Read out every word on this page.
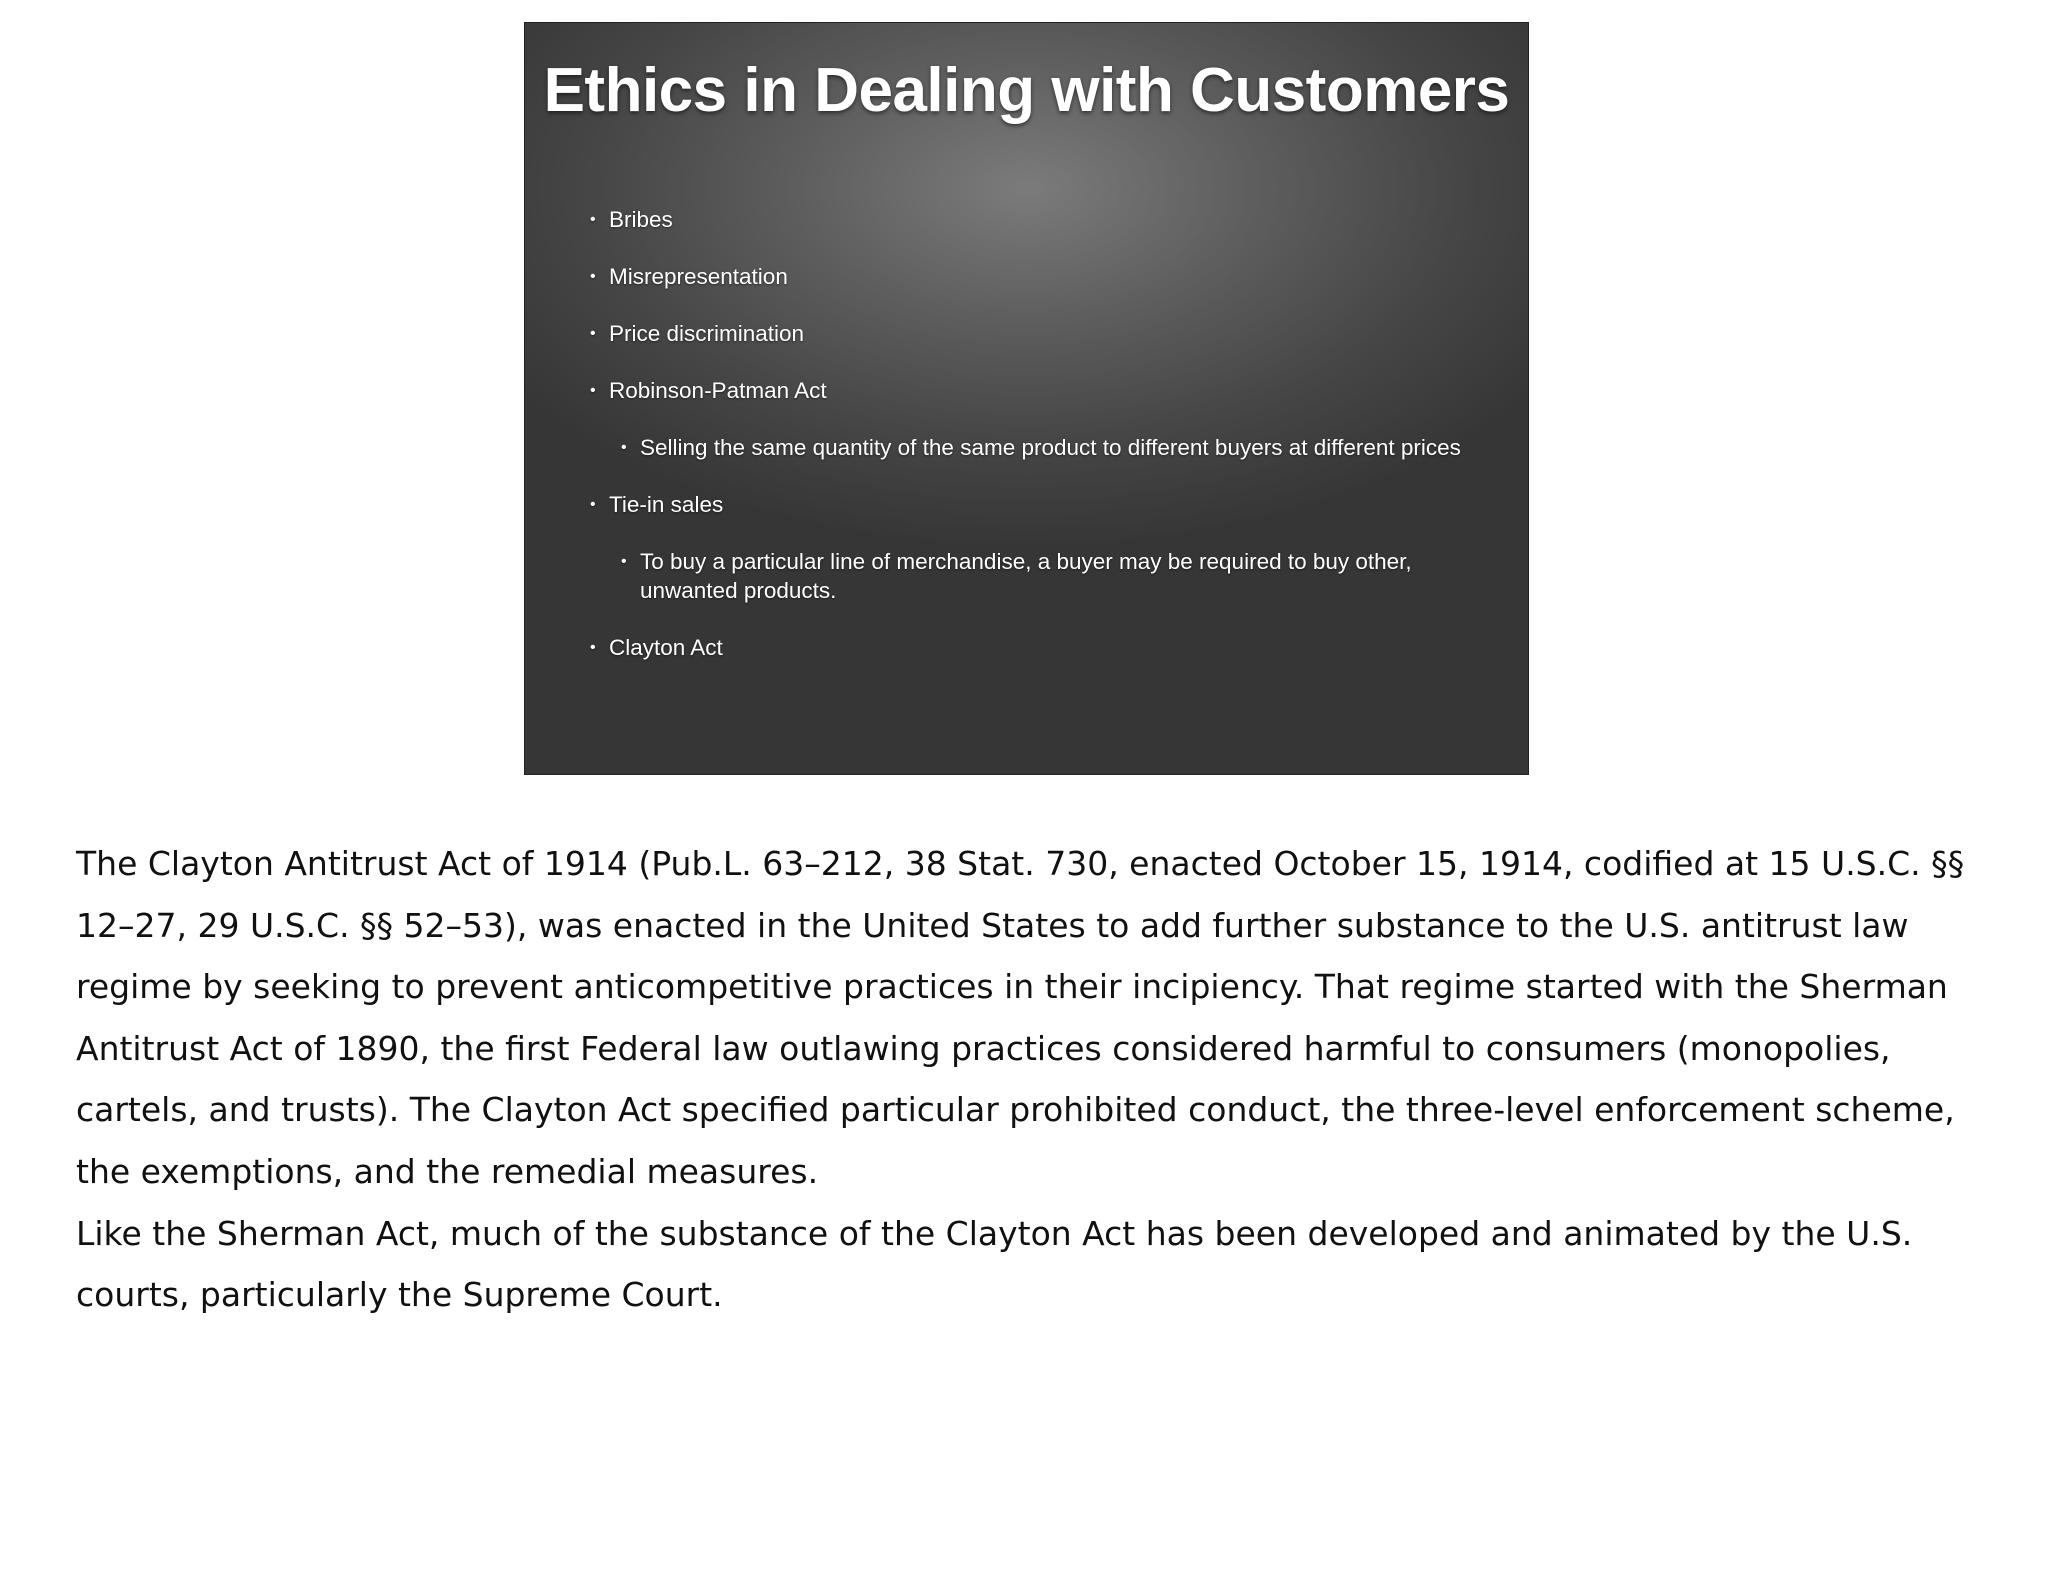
Ethics in Dealing with Customers
• Bribes
• Misrepresentation
• Price discrimination
• Robinson-Patman Act
• Selling the same quantity of the same product to different buyers at different prices
• Tie-in sales
• To buy a particular line of merchandise, a buyer may be required to buy other, unwanted products.
• Clayton Act

The Clayton Antitrust Act of 1914 (Pub.L. 63–212, 38 Stat. 730, enacted October 15, 1914, codified at 15 U.S.C. §§ 12–27, 29 U.S.C. §§ 52–53), was enacted in the United States to add further substance to the U.S. antitrust law regime by seeking to prevent anticompetitive practices in their incipiency. That regime started with the Sherman Antitrust Act of 1890, the first Federal law outlawing practices considered harmful to consumers (monopolies, cartels, and trusts). The Clayton Act specified particular prohibited conduct, the three-level enforcement scheme, the exemptions, and the remedial measures.

Like the Sherman Act, much of the substance of the Clayton Act has been developed and animated by the U.S. courts, particularly the Supreme Court.
